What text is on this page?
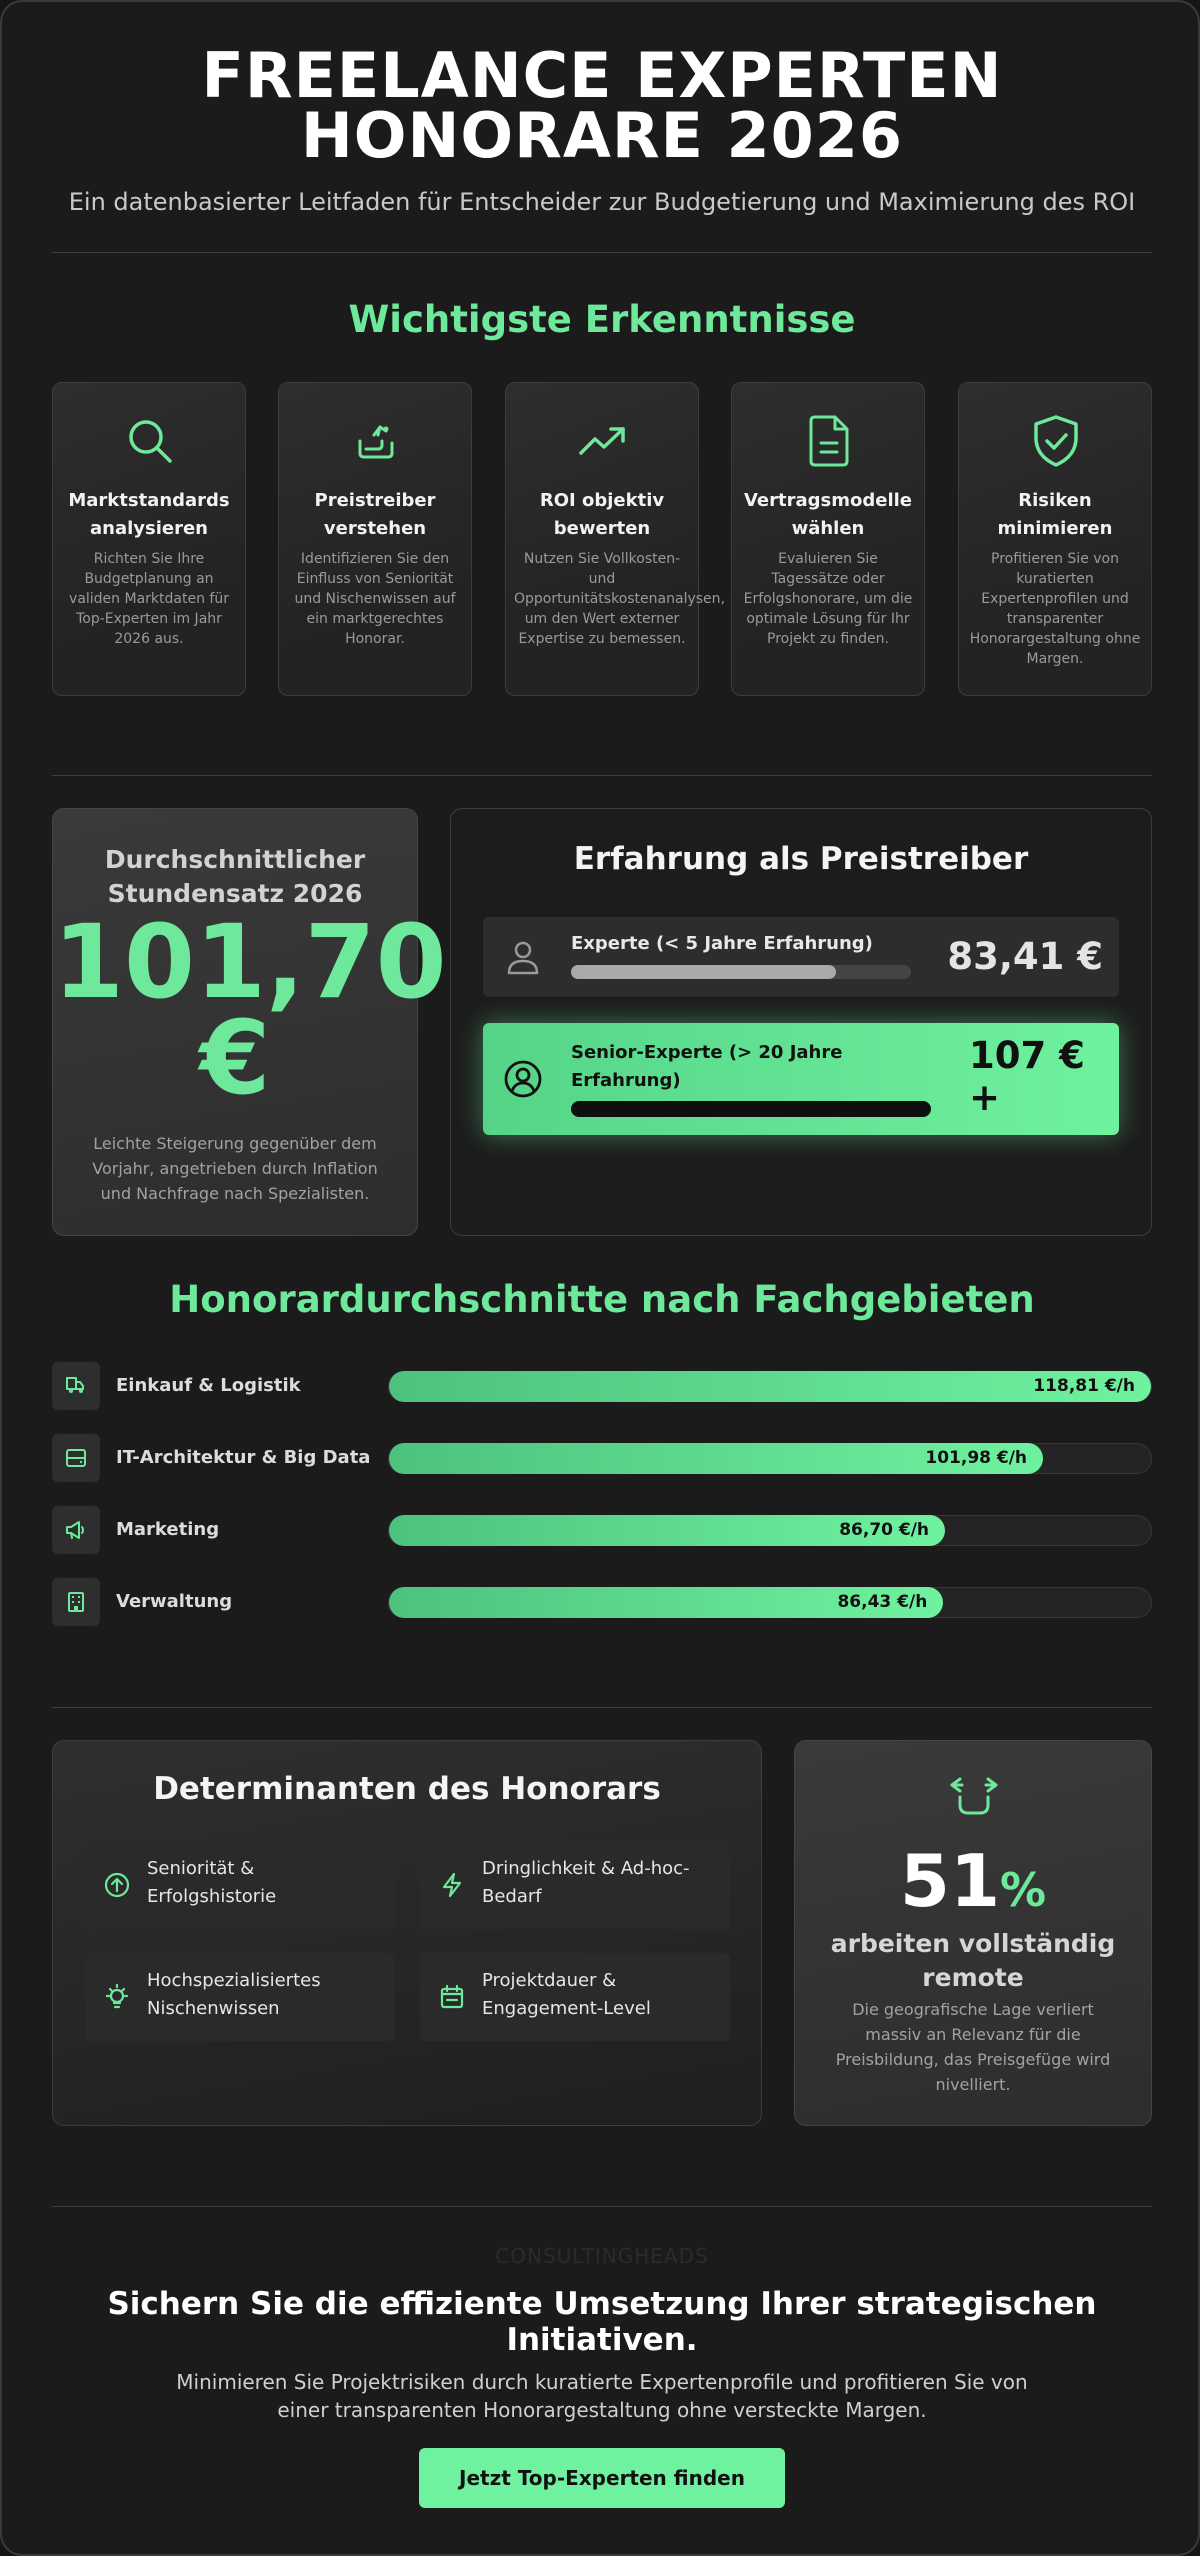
FREELANCE EXPERTEN
HONORARE 2026
Ein datenbasierter Leitfaden für Entscheider zur Budgetierung und Maximierung des ROI
Wichtigste Erkenntnisse
Marktstandards analysieren
Richten Sie Ihre Budgetplanung an validen Marktdaten für Top-Experten im Jahr 2026 aus.
Preistreiber verstehen
Identifizieren Sie den Einfluss von Seniorität und Nischenwissen auf ein marktgerechtes Honorar.
ROI objektiv bewerten
Nutzen Sie Vollkosten- und Opportunitätskostenanalysen, um den Wert externer Expertise zu bemessen.
Vertragsmodelle wählen
Evaluieren Sie Tagessätze oder Erfolgshonorare, um die optimale Lösung für Ihr Projekt zu finden.
Risiken minimieren
Profitieren Sie von kuratierten Expertenprofilen und transparenter Honorargestaltung ohne Margen.
Durchschnittlicher Stundensatz 2026
101,70
€
Leichte Steigerung gegenüber dem Vorjahr, angetrieben durch Inflation und Nachfrage nach Spezialisten.
Erfahrung als Preistreiber
Experte (< 5 Jahre Erfahrung) 83,41 €
Senior-Experte (> 20 Jahre Erfahrung)
107 € +
Honorardurchschnitte nach Fachgebieten
Einkauf & Logistik	118,81 €/h
IT-Architektur & Big Data	101,98 €/h
Marketing	86,70 €/h
Verwaltung	86,43 €/h
Determinanten des Honorars
Seniorität & Erfolgshistorie
Dringlichkeit & Ad-hoc-Bedarf
Hochspezialisiertes Nischenwissen
Projektdauer & Engagement-Level
51%
arbeiten vollständig remote
Die geografische Lage verliert massiv an Relevanz für die Preisbildung, das Preisgefüge wird nivelliert.
CONSULTINGHEADS
Sichern Sie die effiziente Umsetzung Ihrer strategischen Initiativen.
Minimieren Sie Projektrisiken durch kuratierte Expertenprofile und profitieren Sie von einer transparenten Honorargestaltung ohne versteckte Margen.
Jetzt Top-Experten finden
